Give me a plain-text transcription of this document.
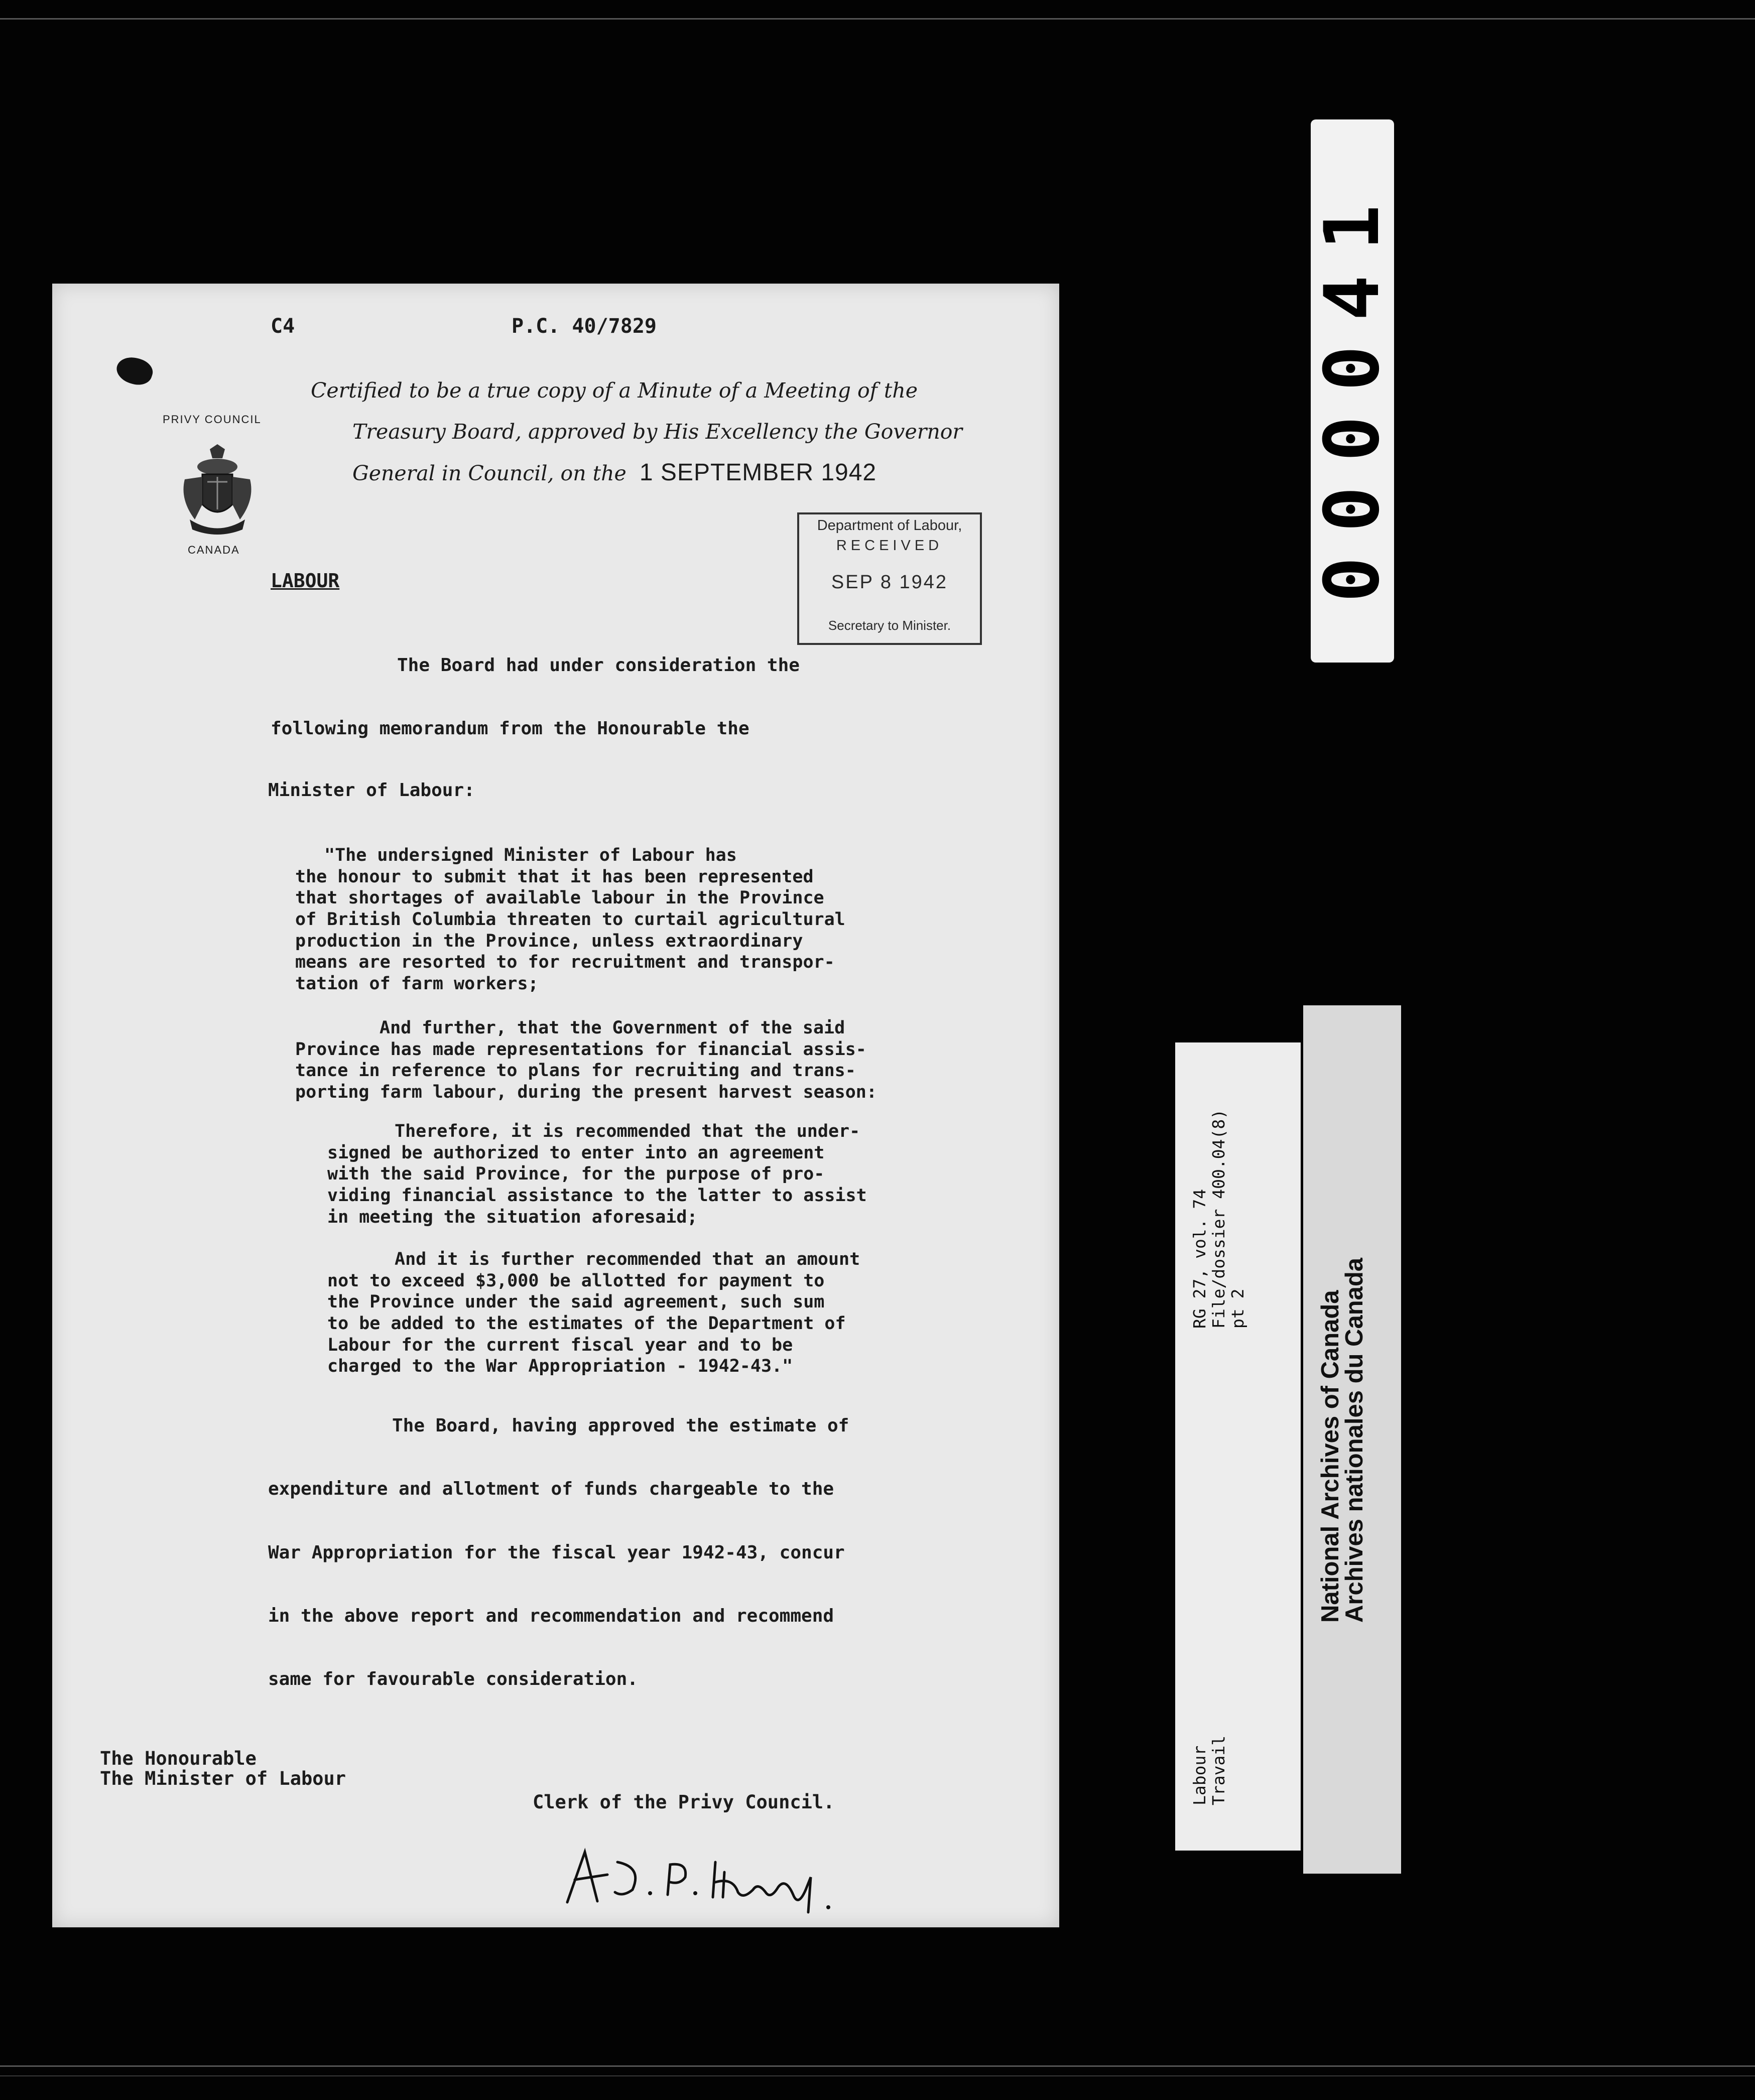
C4	P.C. 40/7829
PRIVY COUNCIL
CANADA
Certified to be a true copy of a Minute of a Meeting of the
Treasury Board, approved by His Excellency the Governor
General in Council, on the 1 SEPTEMBER 1942
LABOUR
Department of Labour,
RECEIVED
SEP 8 1942
Secretary to Minister.
The Board had under consideration the
following memorandum from the Honourable the
Minister of Labour:
"The undersigned Minister of Labour has
the honour to submit that it has been represented
that shortages of available labour in the Province
of British Columbia threaten to curtail agricultural
production in the Province, unless extraordinary
means are resorted to for recruitment and transpor-
tation of farm workers;
And further, that the Government of the said
Province has made representations for financial assis-
tance in reference to plans for recruiting and trans-
porting farm labour, during the present harvest season:
Therefore, it is recommended that the under-
signed be authorized to enter into an agreement
with the said Province, for the purpose of pro-
viding financial assistance to the latter to assist
in meeting the situation aforesaid;
And it is further recommended that an amount
not to exceed $3,000 be allotted for payment to
the Province under the said agreement, such sum
to be added to the estimates of the Department of
Labour for the current fiscal year and to be
charged to the War Appropriation - 1942-43."
The Board, having approved the estimate of
expenditure and allotment of funds chargeable to the
War Appropriation for the fiscal year 1942-43, concur
in the above report and recommendation and recommend
same for favourable consideration.
The Honourable
The Minister of Labour
Clerk of the Privy Council.
000041
National Archives of Canada
Archives nationales du Canada
RG 27, vol. 74
File/dossier 400.04(8)
pt 2
Labour
Travail
